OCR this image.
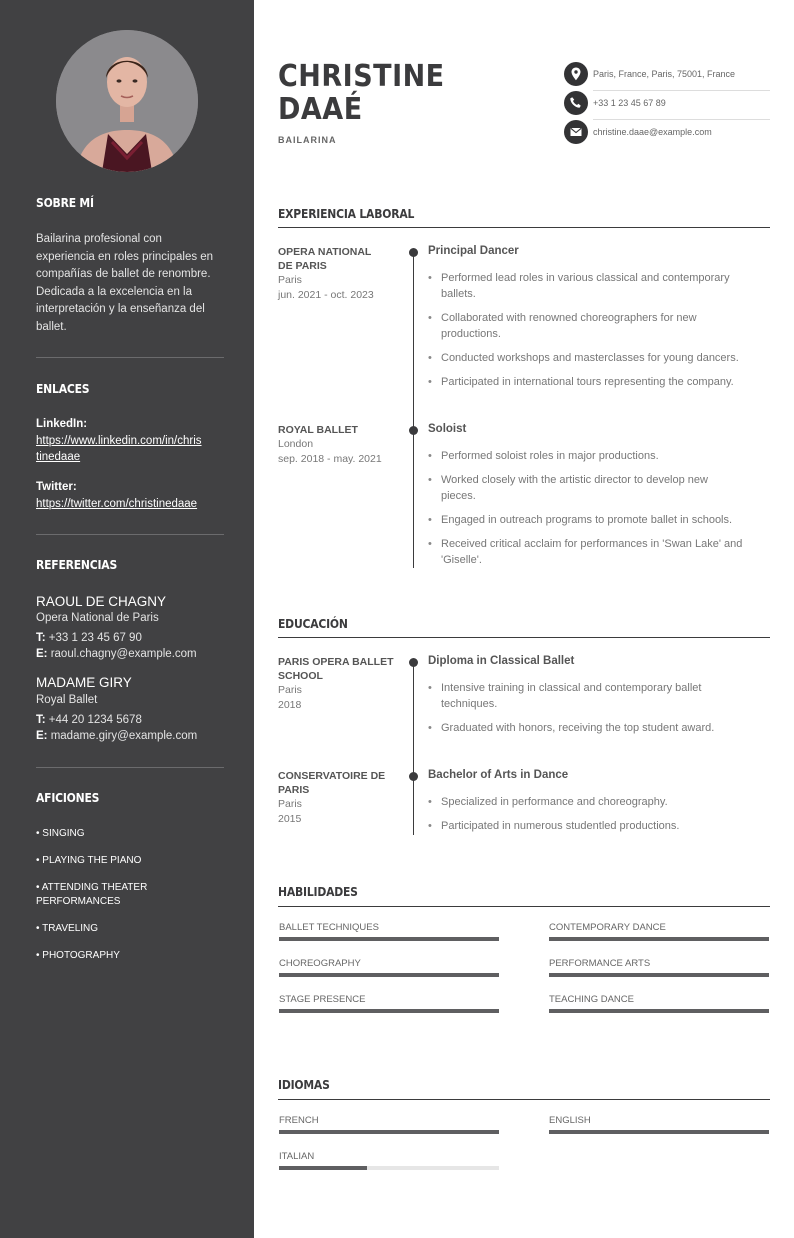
SOBRE MÍ
Bailarina profesional con
experiencia en roles principales en
compañías de ballet de renombre.
Dedicada a la excelencia en la
interpretación y la enseñanza del
ballet.
ENLACES
LinkedIn:
https://www.linkedin.com/in/chris
tinedaae
Twitter:
https://twitter.com/christinedaae
REFERENCIAS
RAOUL DE CHAGNY
Opera National de Paris
T: +33 1 23 45 67 90
E: raoul.chagny@example.com
MADAME GIRY
Royal Ballet
T: +44 20 1234 5678
E: madame.giry@example.com
AFICIONES
• SINGING
• PLAYING THE PIANO
• ATTENDING THEATER
PERFORMANCES
• TRAVELING
• PHOTOGRAPHY
CHRISTINE
DAAÉ
BAILARINA
Paris, France, Paris, 75001, France
+33 1 23 45 67 89
christine.daae@example.com
EXPERIENCIA LABORAL
OPERA NATIONAL
DE PARIS
Paris
jun. 2021 - oct. 2023
Principal Dancer
• Performed lead roles in various classical and contemporary
ballets.
• Collaborated with renowned choreographers for new
productions.
• Conducted workshops and masterclasses for young dancers.
• Participated in international tours representing the company.
ROYAL BALLET
London
sep. 2018 - may. 2021
Soloist
• Performed soloist roles in major productions.
• Worked closely with the artistic director to develop new
pieces.
• Engaged in outreach programs to promote ballet in schools.
• Received critical acclaim for performances in 'Swan Lake' and
'Giselle'.
EDUCACIÓN
PARIS OPERA BALLET
SCHOOL
Paris
2018
Diploma in Classical Ballet
• Intensive training in classical and contemporary ballet
techniques.
• Graduated with honors, receiving the top student award.
CONSERVATOIRE DE
PARIS
Paris
2015
Bachelor of Arts in Dance
• Specialized in performance and choreography.
• Participated in numerous studentled productions.
HABILIDADES
BALLET TECHNIQUES	CONTEMPORARY DANCE
CHOREOGRAPHY	PERFORMANCE ARTS
STAGE PRESENCE	TEACHING DANCE
IDIOMAS
FRENCH	ENGLISH
ITALIAN
